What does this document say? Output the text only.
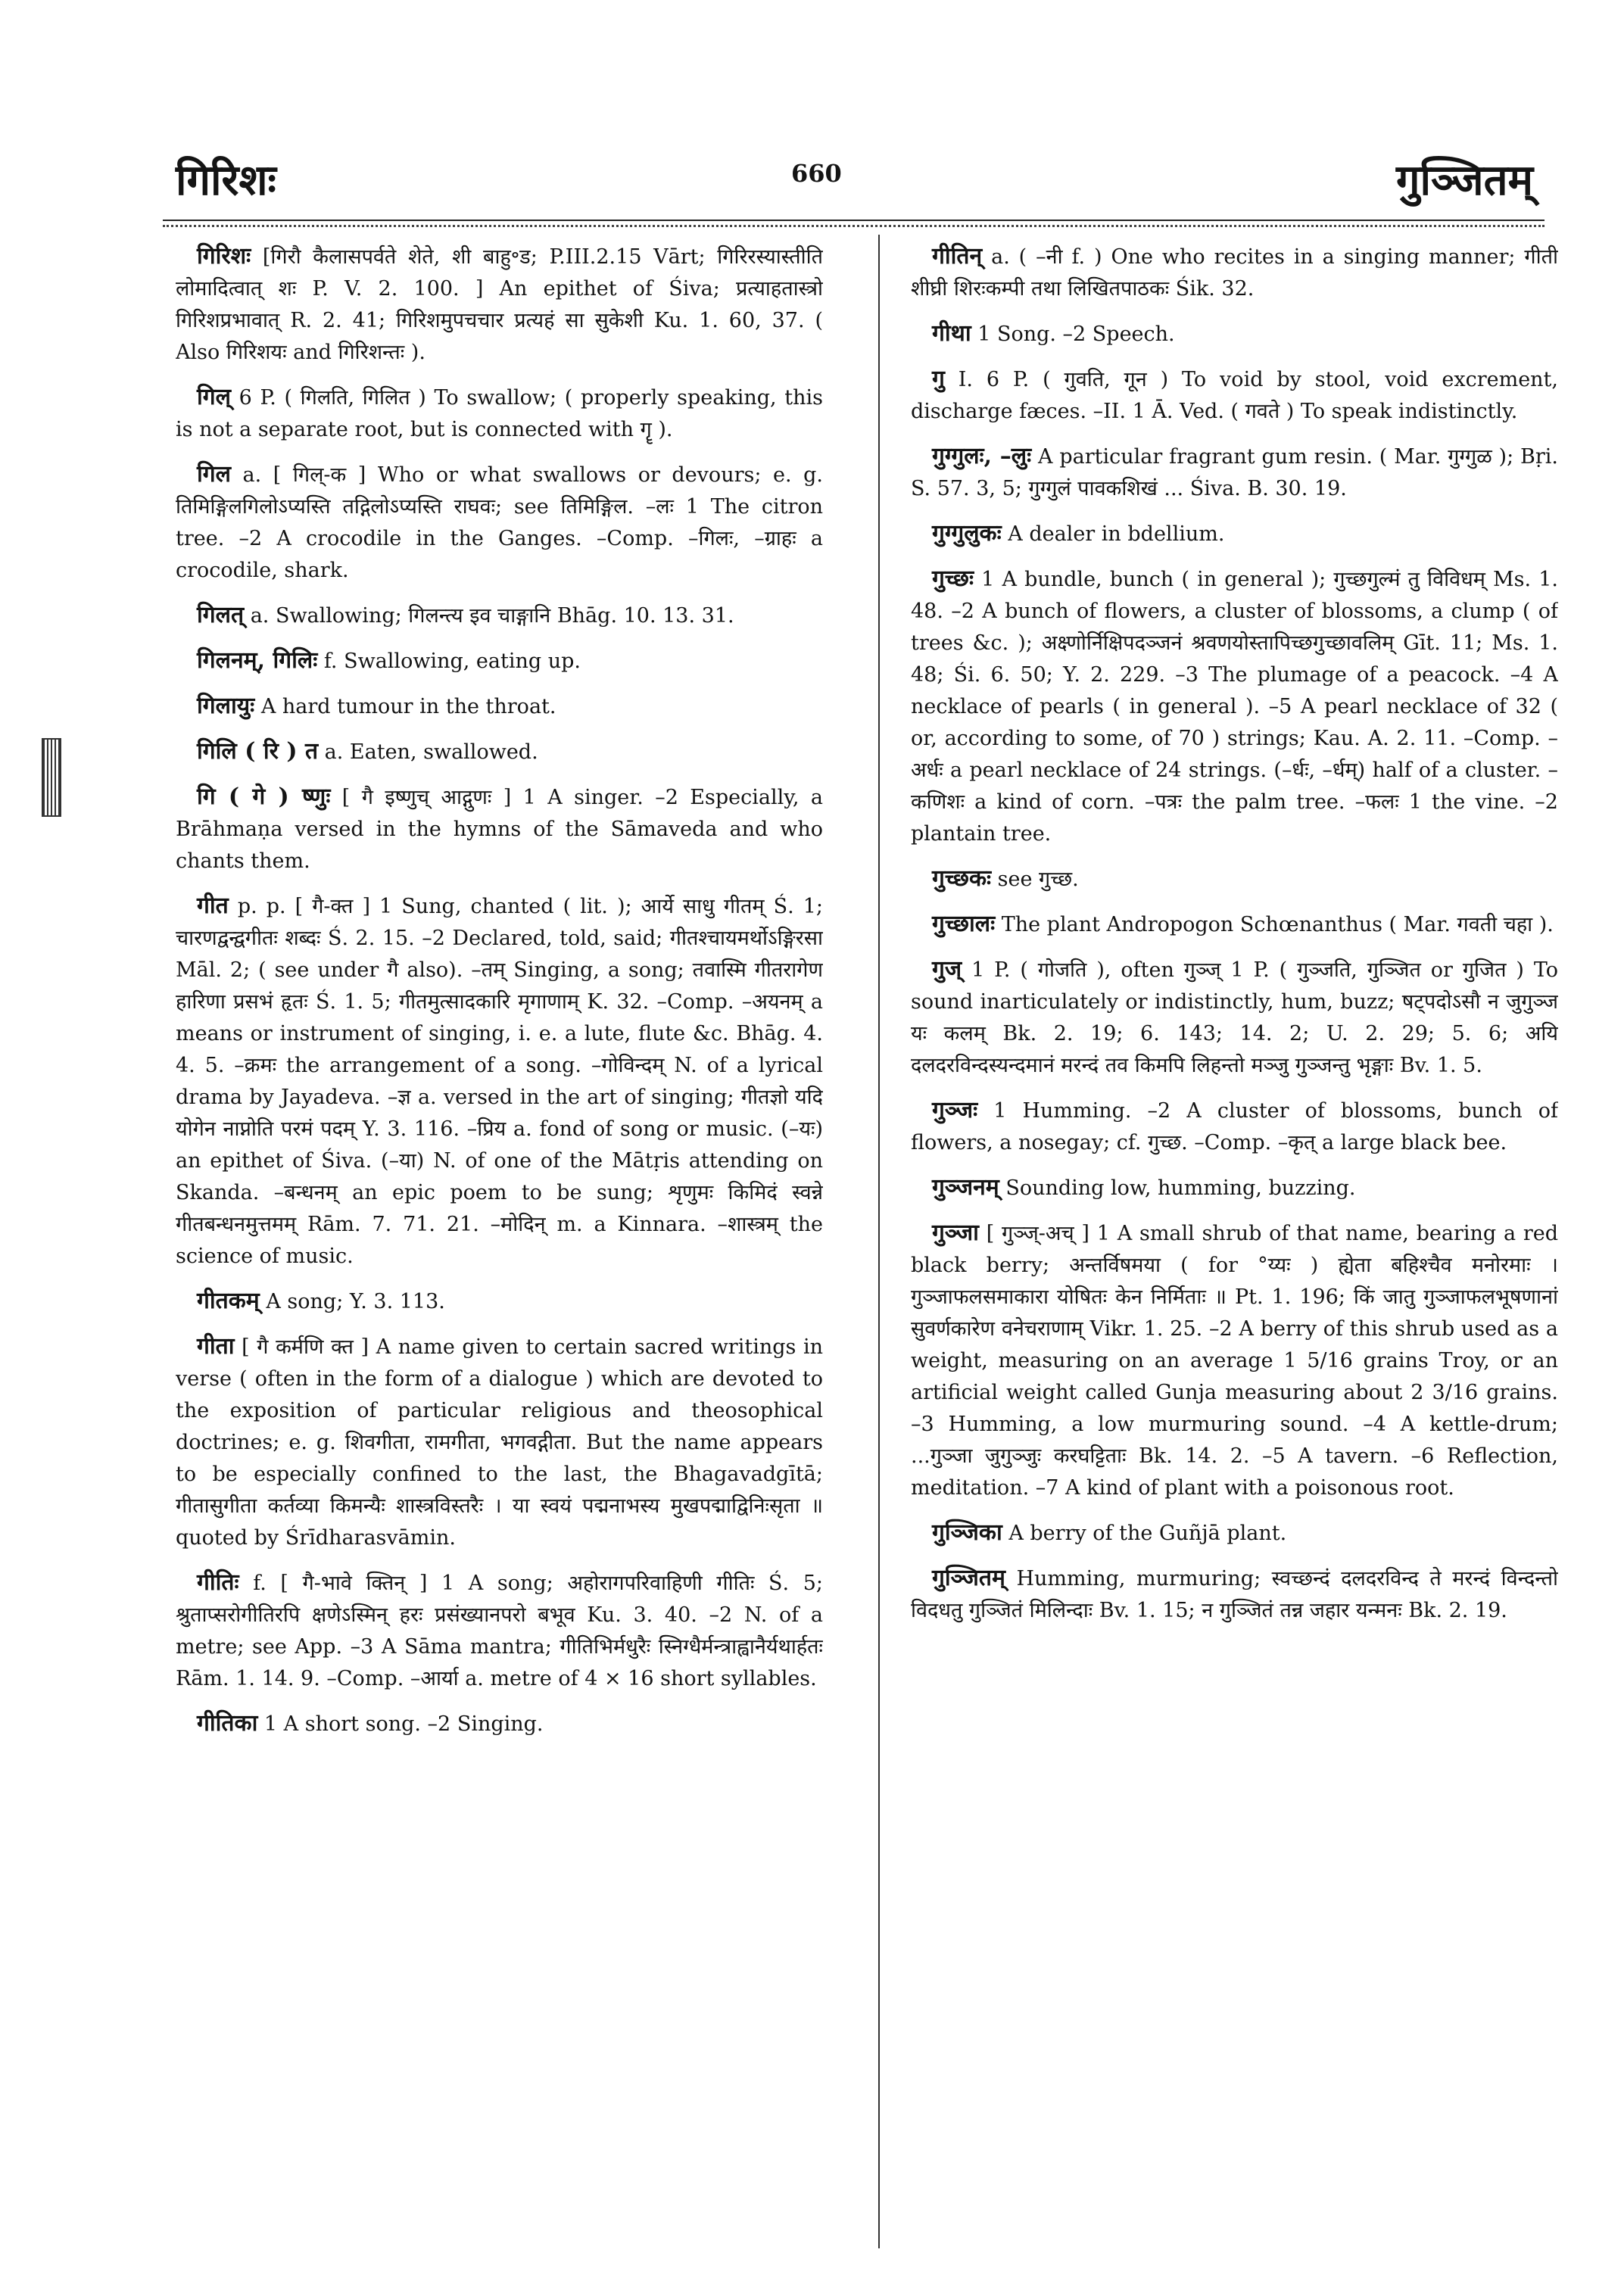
गिरिशः	660	गुञ्जितम्

गिरिशः [गिरौ कैलासपर्वते शेते, शी बाहु॰ड; P.III.2.15 Vārt; गिरिरस्यास्तीति लोमादित्वात् शः P. V. 2. 100. ] An epithet of Śiva; प्रत्याहतास्त्रो गिरिशप्रभावात् R. 2. 41; गिरिशमुपचचार प्रत्यहं सा सुकेशी Ku. 1. 60, 37. ( Also गिरिशयः and गिरिशन्तः ).

गिल् 6 P. ( गिलति, गिलित ) To swallow; ( properly speaking, this is not a separate root, but is connected with गॄ ).

गिल a. [ गिल्-क ] Who or what swallows or devours; e. g. तिमिङ्गिलगिलोऽप्यस्ति तद्गिलोऽप्यस्ति राघवः; see तिमिङ्गिल. –लः 1 The citron tree. –2 A crocodile in the Ganges. –Comp. –गिलः, –ग्राहः a crocodile, shark.

गिलत् a. Swallowing; गिलन्त्य इव चाङ्गानि Bhāg. 10. 13. 31.

गिलनम्, गिलिः f. Swallowing, eating up.

गिलायुः A hard tumour in the throat.

गिलि ( रि ) त a. Eaten, swallowed.

गि ( गे ) ष्णुः [ गै इष्णुच् आद्गुणः ] 1 A singer. –2 Especially, a Brāhmaṇa versed in the hymns of the Sāmaveda and who chants them.

गीत p. p. [ गै-क्त ] 1 Sung, chanted ( lit. ); आर्ये साधु गीतम् Ś. 1; चारणद्वन्द्वगीतः शब्दः Ś. 2. 15. –2 Declared, told, said; गीतश्चायमर्थोऽङ्गिरसा Māl. 2; ( see under गै also). –तम् Singing, a song; तवास्मि गीतरागेण हारिणा प्रसभं हृतः Ś. 1. 5; गीतमुत्सादकारि मृगाणाम् K. 32. –Comp. –अयनम् a means or instrument of singing, i. e. a lute, flute &c. Bhāg. 4. 4. 5. –क्रमः the arrangement of a song. –गोविन्दम् N. of a lyrical drama by Jayadeva. –ज्ञ a. versed in the art of singing; गीतज्ञो यदि योगेन नाप्नोति परमं पदम् Y. 3. 116. –प्रिय a. fond of song or music. (–यः) an epithet of Śiva. (–या) N. of one of the Mātṛis attending on Skanda. –बन्धनम् an epic poem to be sung; शृणुमः किमिदं स्वन्ने गीतबन्धनमुत्तमम् Rām. 7. 71. 21. –मोदिन् m. a Kinnara. –शास्त्रम् the science of music.

गीतकम् A song; Y. 3. 113.

गीता [ गै कर्मणि क्त ] A name given to certain sacred writings in verse ( often in the form of a dialogue ) which are devoted to the exposition of particular religious and theosophical doctrines; e. g. शिवगीता, रामगीता, भगवद्गीता. But the name appears to be especially confined to the last, the Bhagavadgītā; गीतासुगीता कर्तव्या किमन्यैः शास्त्रविस्तरैः । या स्वयं पद्मनाभस्य मुखपद्माद्विनिःसृता ॥ quoted by Śrīdharasvāmin.

गीतिः f. [ गै-भावे क्तिन् ] 1 A song; अहोरागपरिवाहिणी गीतिः Ś. 5; श्रुताप्सरोगीतिरपि क्षणेऽस्मिन् हरः प्रसंख्यानपरो बभूव Ku. 3. 40. –2 N. of a metre; see App. –3 A Sāma mantra; गीतिभिर्मधुरैः स्निग्धैर्मन्त्राह्वानैर्यथार्हतः Rām. 1. 14. 9. –Comp. –आर्या a. metre of 4 × 16 short syllables.

गीतिका 1 A short song. –2 Singing.

गीतिन् a. ( –नी f. ) One who recites in a singing manner; गीती शीघ्री शिरःकम्पी तथा लिखितपाठकः Śik. 32.

गीथा 1 Song. –2 Speech.

गु I. 6 P. ( गुवति, गून ) To void by stool, void excrement, discharge fæces. –II. 1 Ā. Ved. ( गवते ) To speak indistinctly.

गुग्गुलः, –लुः A particular fragrant gum resin. ( Mar. गुग्गुळ ); Bṛi. S. 57. 3, 5; गुग्गुलं पावकशिखं ... Śiva. B. 30. 19.

गुग्गुलुकः A dealer in bdellium.

गुच्छः 1 A bundle, bunch ( in general ); गुच्छगुल्मं तु विविधम् Ms. 1. 48. –2 A bunch of flowers, a cluster of blossoms, a clump ( of trees &c. ); अक्ष्णोर्निक्षिपदञ्जनं श्रवणयोस्तापिच्छगुच्छावलिम् Gīt. 11; Ms. 1. 48; Śi. 6. 50; Y. 2. 229. –3 The plumage of a peacock. –4 A necklace of pearls ( in general ). –5 A pearl necklace of 32 ( or, according to some, of 70 ) strings; Kau. A. 2. 11. –Comp. –अर्धः a pearl necklace of 24 strings. (–र्धः, –र्धम्) half of a cluster. –कणिशः a kind of corn. –पत्रः the palm tree. –फलः 1 the vine. –2 plantain tree.

गुच्छकः see गुच्छ.

गुच्छालः The plant Andropogon Schœnanthus ( Mar. गवती चहा ).

गुज् 1 P. ( गोजति ), often गुञ्ज् 1 P. ( गुञ्जति, गुञ्जित or गुजित ) To sound inarticulately or indistinctly, hum, buzz; षट्पदोऽसौ न जुगुञ्ज यः कलम् Bk. 2. 19; 6. 143; 14. 2; U. 2. 29; 5. 6; अयि दलदरविन्दस्यन्दमानं मरन्दं तव किमपि लिहन्तो मञ्जु गुञ्जन्तु भृङ्गाः Bv. 1. 5.

गुञ्जः 1 Humming. –2 A cluster of blossoms, bunch of flowers, a nosegay; cf. गुच्छ. –Comp. –कृत् a large black bee.

गुञ्जनम् Sounding low, humming, buzzing.

गुञ्जा [ गुञ्ज्-अच् ] 1 A small shrub of that name, bearing a red black berry; अन्तर्विषमया ( for °य्यः ) ह्येता बहिश्चैव मनोरमाः । गुञ्जाफलसमाकारा योषितः केन निर्मिताः ॥ Pt. 1. 196; किं जातु गुञ्जाफलभूषणानां सुवर्णकारेण वनेचराणाम् Vikr. 1. 25. –2 A berry of this shrub used as a weight, measuring on an average 1 5/16 grains Troy, or an artificial weight called Gunja measuring about 2 3/16 grains. –3 Humming, a low murmuring sound. –4 A kettle-drum; ...गुञ्जा जुगुञ्जुः करघट्टिताः Bk. 14. 2. –5 A tavern. –6 Reflection, meditation. –7 A kind of plant with a poisonous root.

गुञ्जिका A berry of the Guñjā plant.

गुञ्जितम् Humming, murmuring; स्वच्छन्दं दलदरविन्द ते मरन्दं विन्दन्तो विदधतु गुञ्जितं मिलिन्दाः Bv. 1. 15; न गुञ्जितं तन्न जहार यन्मनः Bk. 2. 19.
